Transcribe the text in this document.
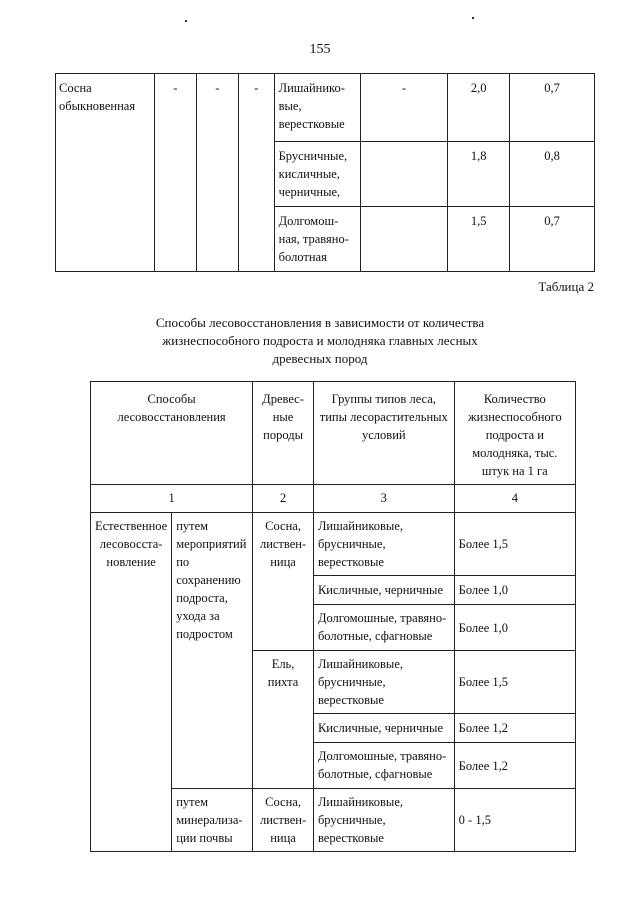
155
Сосна обыкновенная	-	-	-	Лишайнико-вые, верестковые	-	2,0	0,7
				Брусничные, кисличные, черничные,		1,8	0,8
				Долгомош-ная, травяно-болотная		1,5	0,7
Таблица 2
Способы лесовосстановления в зависимости от количества жизнеспособного подроста и молодняка главных лесных древесных пород
Способы лесовосстановления		Древес-ные породы	Группы типов леса, типы лесорастительных условий	Количество жизнеспособного подроста и молодняка, тыс. штук на 1 га
1		2	3	4
Естественное лесовосста-новление	путем мероприятий по сохранению подроста, ухода за подростом	Сосна, листвен-ница	Лишайниковые, брусничные, верестковые	Более 1,5
			Кисличные, черничные	Более 1,0
			Долгомошные, травяно-болотные, сфагновые	Более 1,0
		Ель, пихта	Лишайниковые, брусничные, верестковые	Более 1,5
			Кисличные, черничные	Более 1,2
			Долгомошные, травяно-болотные, сфагновые	Более 1,2
	путем минерализа-ции почвы	Сосна, листвен-ница	Лишайниковые, брусничные, верестковые	0 - 1,5
